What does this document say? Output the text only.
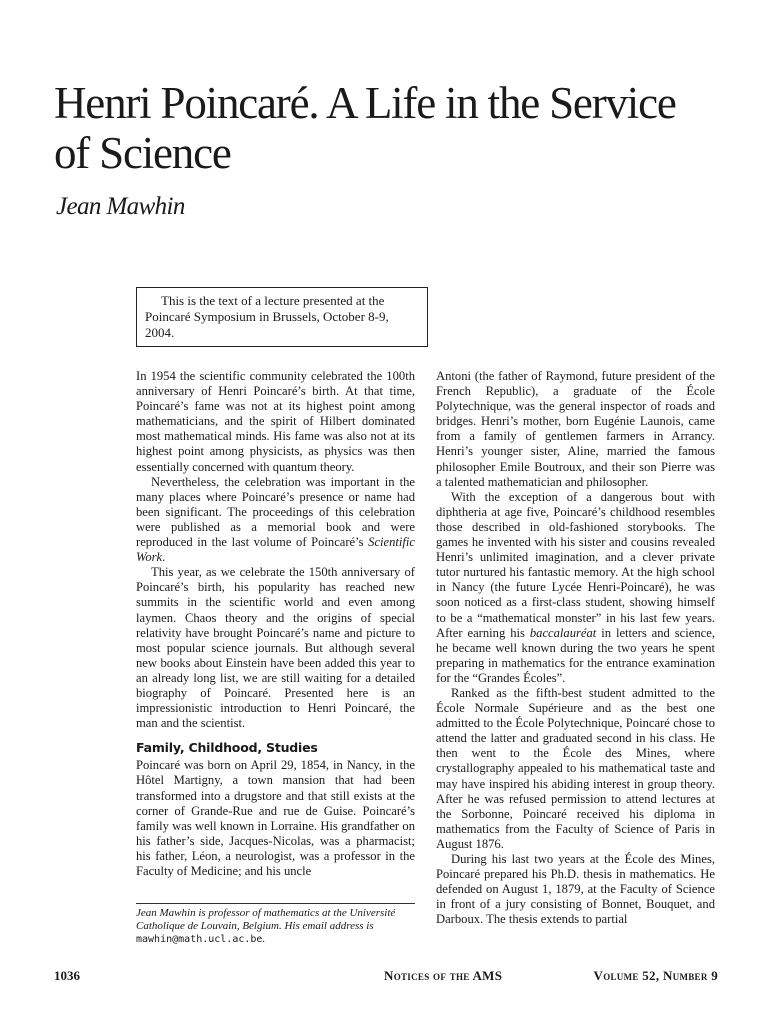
Henri Poincaré. A Life in the Service of Science
Jean Mawhin
This is the text of a lecture presented at the Poincaré Symposium in Brussels, October 8-9, 2004.

In 1954 the scientific community celebrated the 100th anniversary of Henri Poincaré’s birth. At that time, Poincaré’s fame was not at its highest point among mathematicians, and the spirit of Hilbert dominated most mathematical minds. His fame was also not at its highest point among physicists, as physics was then essentially concerned with quantum theory.

Nevertheless, the celebration was important in the many places where Poincaré’s presence or name had been significant. The proceedings of this celebration were published as a memorial book and were reproduced in the last volume of Poincaré’s Scientific Work.

This year, as we celebrate the 150th anniversary of Poincaré’s birth, his popularity has reached new summits in the scientific world and even among laymen. Chaos theory and the origins of special relativity have brought Poincaré’s name and picture to most popular science journals. But although several new books about Einstein have been added this year to an already long list, we are still waiting for a detailed biography of Poincaré. Presented here is an impressionistic introduction to Henri Poincaré, the man and the scientist.

Family, Childhood, Studies

Poincaré was born on April 29, 1854, in Nancy, in the Hôtel Martigny, a town mansion that had been transformed into a drugstore and that still exists at the corner of Grande-Rue and rue de Guise. Poincaré’s family was well known in Lorraine. His grandfather on his father’s side, Jacques-Nicolas, was a pharmacist; his father, Léon, a neurologist, was a professor in the Faculty of Medicine; and his uncle

Antoni (the father of Raymond, future president of the French Republic), a graduate of the École Polytechnique, was the general inspector of roads and bridges. Henri’s mother, born Eugénie Launois, came from a family of gentlemen farmers in Arrancy. Henri’s younger sister, Aline, married the famous philosopher Emile Boutroux, and their son Pierre was a talented mathematician and philosopher.

With the exception of a dangerous bout with diphtheria at age five, Poincaré’s childhood resembles those described in old-fashioned storybooks. The games he invented with his sister and cousins revealed Henri’s unlimited imagination, and a clever private tutor nurtured his fantastic memory. At the high school in Nancy (the future Lycée Henri-Poincaré), he was soon noticed as a first-class student, showing himself to be a “mathematical monster” in his last few years. After earning his baccalauréat in letters and science, he became well known during the two years he spent preparing in mathematics for the entrance examination for the “Grandes Écoles”.

Ranked as the fifth-best student admitted to the École Normale Supérieure and as the best one admitted to the École Polytechnique, Poincaré chose to attend the latter and graduated second in his class. He then went to the École des Mines, where crystallography appealed to his mathematical taste and may have inspired his abiding interest in group theory. After he was refused permission to attend lectures at the Sorbonne, Poincaré received his diploma in mathematics from the Faculty of Science of Paris in August 1876.

During his last two years at the École des Mines, Poincaré prepared his Ph.D. thesis in mathematics. He defended on August 1, 1879, at the Faculty of Science in front of a jury consisting of Bonnet, Bouquet, and Darboux. The thesis extends to partial

Jean Mawhin is professor of mathematics at the Université Catholique de Louvain, Belgium. His email address is mawhin@math.ucl.ac.be.
1036	Notices of the AMS	Volume 52, Number 9
